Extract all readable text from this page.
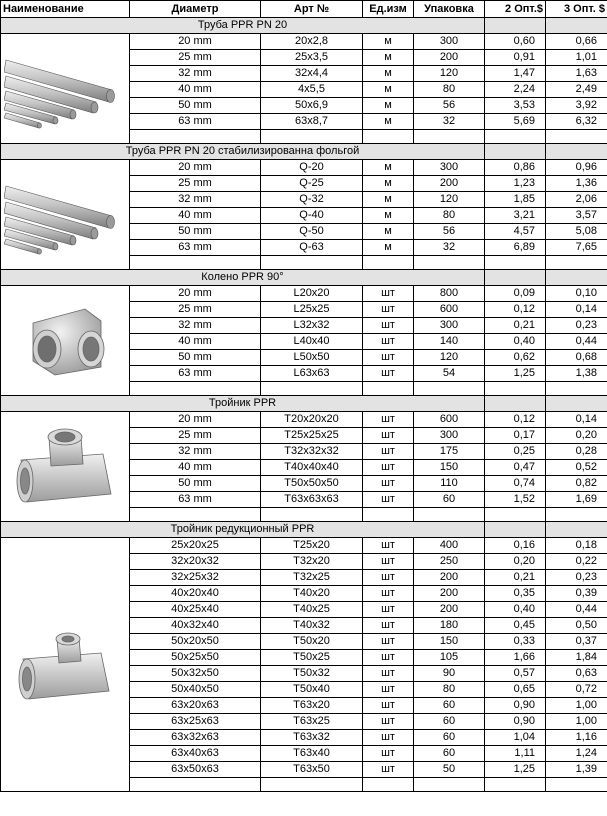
Наименование	Диаметр	Арт №	Ед.изм	Упаковка	2 Опт.$	3 Опт. $
Труба PPR PN 20						

	20 mm	20x2,8	м	300	0,60	0,66
	25 mm	25x3,5	м	200	0,91	1,01
	32 mm	32x4,4	м	120	1,47	1,63
	40 mm	4x5,5	м	80	2,24	2,49
	50 mm	50x6,9	м	56	3,53	3,92
	63 mm	63x8,7	м	32	5,69	6,32

Труба PPR PN 20 стабилизированна фольгой						

	20 mm	Q-20	м	300	0,86	0,96
	25 mm	Q-25	м	200	1,23	1,36
	32 mm	Q-32	м	120	1,85	2,06
	40 mm	Q-40	м	80	3,21	3,57
	50 mm	Q-50	м	56	4,57	5,08
	63 mm	Q-63	м	32	6,89	7,65

Колено PPR 90°						

	20 mm	L20x20	шт	800	0,09	0,10
	25 mm	L25x25	шт	600	0,12	0,14
	32 mm	L32x32	шт	300	0,21	0,23
	40 mm	L40x40	шт	140	0,40	0,44
	50 mm	L50x50	шт	120	0,62	0,68
	63 mm	L63x63	шт	54	1,25	1,38

Тройник PPR						

	20 mm	T20x20x20	шт	600	0,12	0,14
	25 mm	T25x25x25	шт	300	0,17	0,20
	32 mm	T32x32x32	шт	175	0,25	0,28
	40 mm	T40x40x40	шт	150	0,47	0,52
	50 mm	T50x50x50	шт	110	0,74	0,82
	63 mm	T63x63x63	шт	60	1,52	1,69

Тройник редукционный PPR						

	25x20x25	T25x20	шт	400	0,16	0,18
	32x20x32	T32x20	шт	250	0,20	0,22
	32x25x32	T32x25	шт	200	0,21	0,23
	40x20x40	T40x20	шт	200	0,35	0,39
	40x25x40	T40x25	шт	200	0,40	0,44
	40x32x40	T40x32	шт	180	0,45	0,50
	50x20x50	T50x20	шт	150	0,33	0,37
	50x25x50	T50x25	шт	105	1,66	1,84
	50x32x50	T50x32	шт	90	0,57	0,63
	50x40x50	T50x40	шт	80	0,65	0,72
	63x20x63	T63x20	шт	60	0,90	1,00
	63x25x63	T63x25	шт	60	0,90	1,00
	63x32x63	T63x32	шт	60	1,04	1,16
	63x40x63	T63x40	шт	60	1,11	1,24
	63x50x63	T63x50	шт	50	1,25	1,39
